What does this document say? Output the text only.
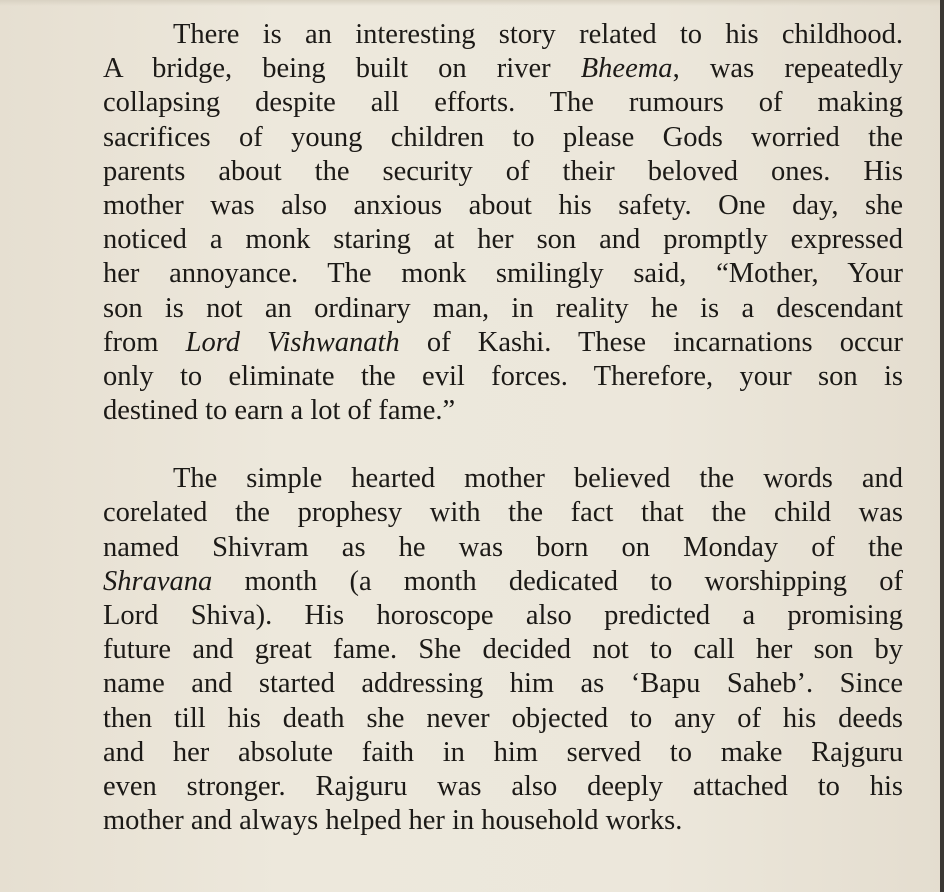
There is an interesting story related to his childhood.
A bridge, being built on river Bheema, was repeatedly
collapsing despite all efforts. The rumours of making
sacrifices of young children to please Gods worried the
parents about the security of their beloved ones. His
mother was also anxious about his safety. One day, she
noticed a monk staring at her son and promptly expressed
her annoyance. The monk smilingly said, “Mother, Your
son is not an ordinary man, in reality he is a descendant
from Lord Vishwanath of Kashi. These incarnations occur
only to eliminate the evil forces. Therefore, your son is
destined to earn a lot of fame.”
The simple hearted mother believed the words and
corelated the prophesy with the fact that the child was
named Shivram as he was born on Monday of the
Shravana month (a month dedicated to worshipping of
Lord Shiva). His horoscope also predicted a promising
future and great fame. She decided not to call her son by
name and started addressing him as ‘Bapu Saheb’. Since
then till his death she never objected to any of his deeds
and her absolute faith in him served to make Rajguru
even stronger. Rajguru was also deeply attached to his
mother and always helped her in household works.
